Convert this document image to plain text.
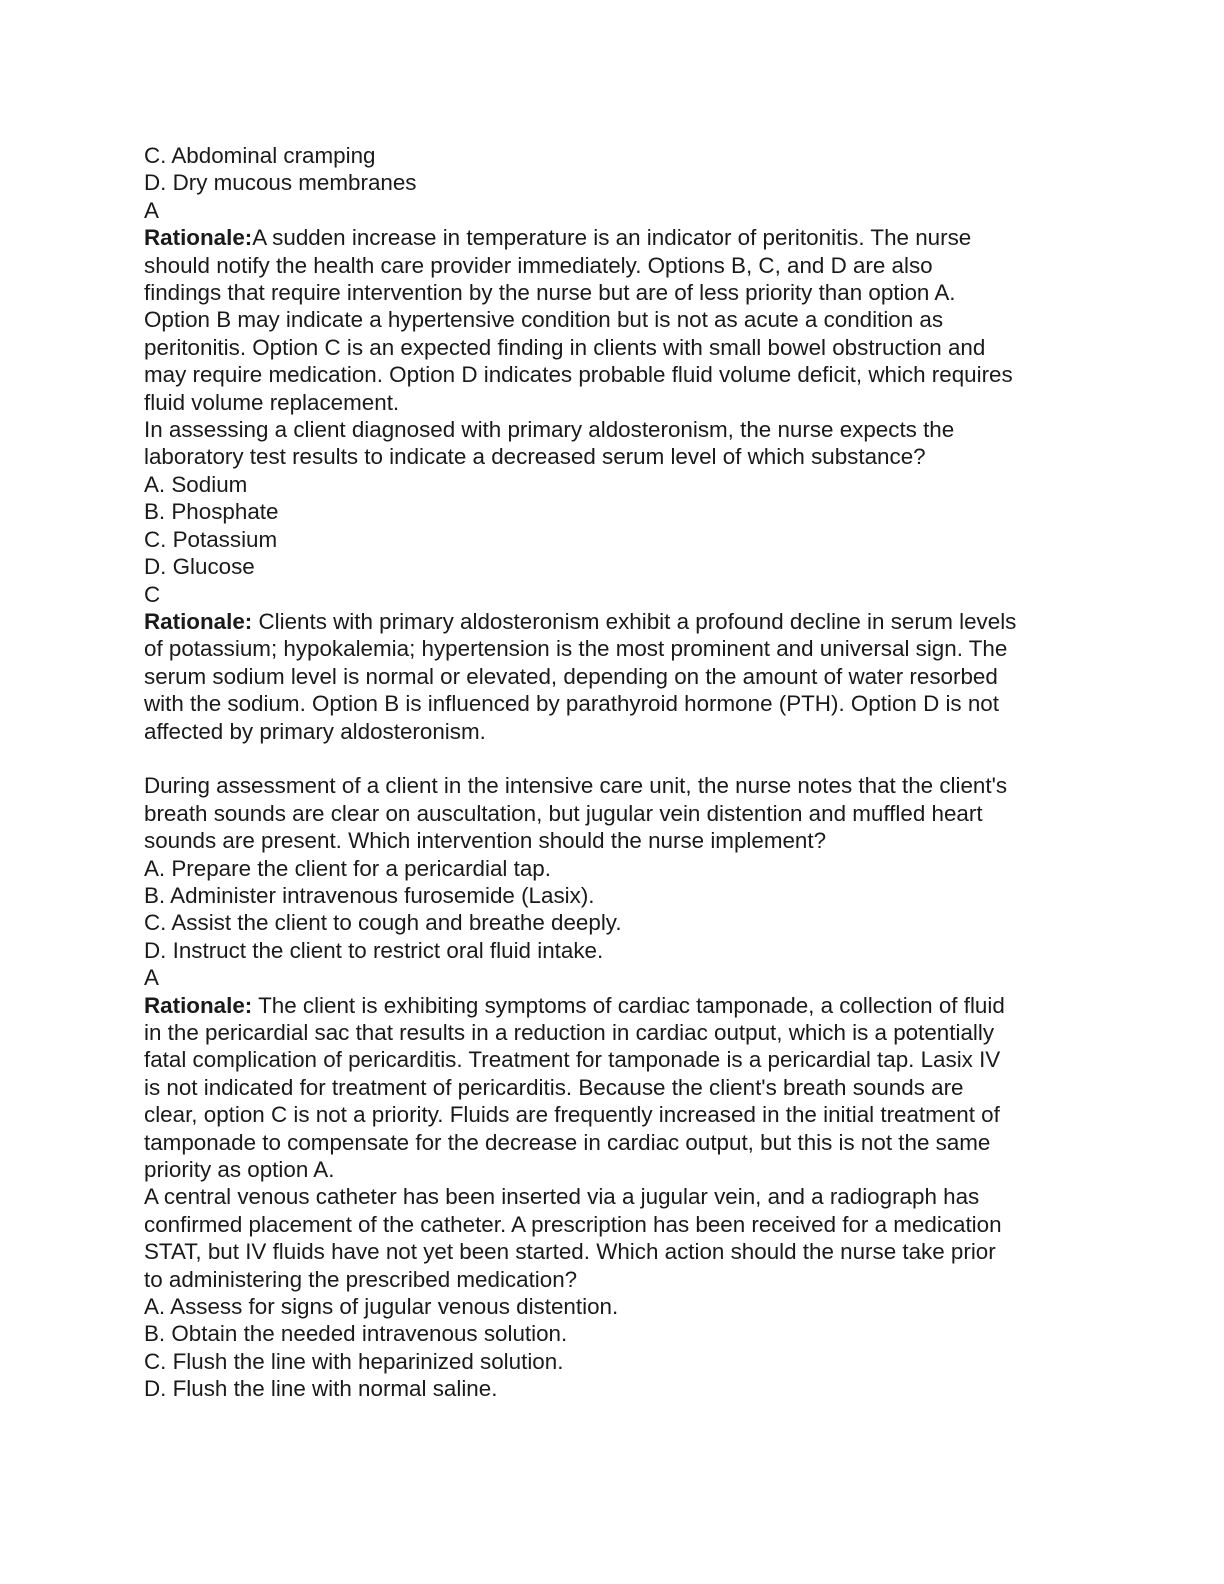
C. Abdominal cramping
D. Dry mucous membranes
A
Rationale:A sudden increase in temperature is an indicator of peritonitis. The nurse
should notify the health care provider immediately. Options B, C, and D are also
findings that require intervention by the nurse but are of less priority than option A.
Option B may indicate a hypertensive condition but is not as acute a condition as
peritonitis. Option C is an expected finding in clients with small bowel obstruction and
may require medication. Option D indicates probable fluid volume deficit, which requires
fluid volume replacement.
In assessing a client diagnosed with primary aldosteronism, the nurse expects the
laboratory test results to indicate a decreased serum level of which substance?
A. Sodium
B. Phosphate
C. Potassium
D. Glucose
C
Rationale: Clients with primary aldosteronism exhibit a profound decline in serum levels
of potassium; hypokalemia; hypertension is the most prominent and universal sign. The
serum sodium level is normal or elevated, depending on the amount of water resorbed
with the sodium. Option B is influenced by parathyroid hormone (PTH). Option D is not
affected by primary aldosteronism.
During assessment of a client in the intensive care unit, the nurse notes that the client's
breath sounds are clear on auscultation, but jugular vein distention and muffled heart
sounds are present. Which intervention should the nurse implement?
A. Prepare the client for a pericardial tap.
B. Administer intravenous furosemide (Lasix).
C. Assist the client to cough and breathe deeply.
D. Instruct the client to restrict oral fluid intake.
A
Rationale: The client is exhibiting symptoms of cardiac tamponade, a collection of fluid
in the pericardial sac that results in a reduction in cardiac output, which is a potentially
fatal complication of pericarditis. Treatment for tamponade is a pericardial tap. Lasix IV
is not indicated for treatment of pericarditis. Because the client's breath sounds are
clear, option C is not a priority. Fluids are frequently increased in the initial treatment of
tamponade to compensate for the decrease in cardiac output, but this is not the same
priority as option A.
A central venous catheter has been inserted via a jugular vein, and a radiograph has
confirmed placement of the catheter. A prescription has been received for a medication
STAT, but IV fluids have not yet been started. Which action should the nurse take prior
to administering the prescribed medication?
A. Assess for signs of jugular venous distention.
B. Obtain the needed intravenous solution.
C. Flush the line with heparinized solution.
D. Flush the line with normal saline.
